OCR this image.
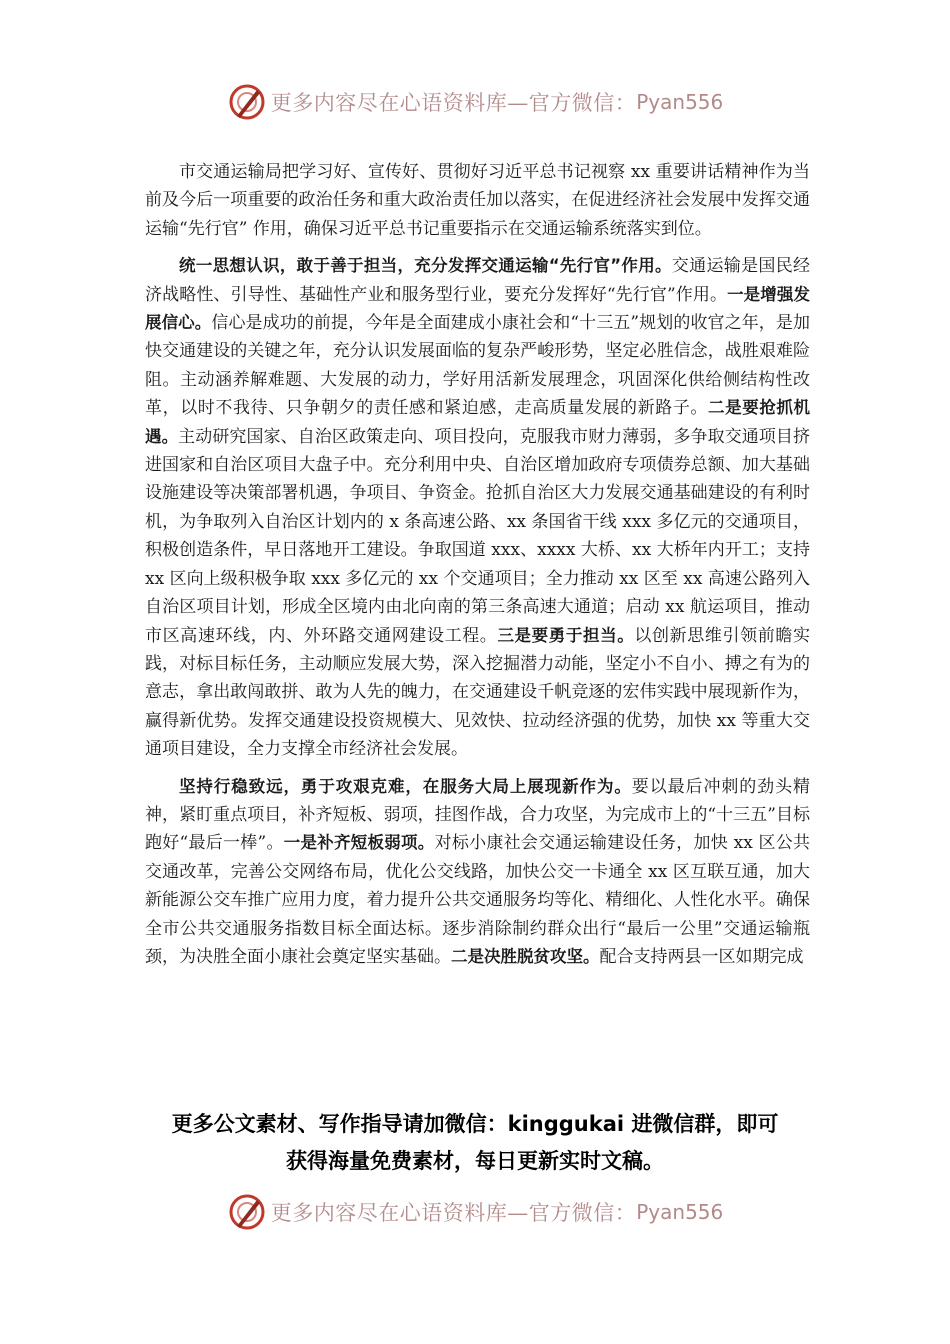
更多内容尽在心语资料库—官方微信： Pyan556

市交通运输局把学习好、宣传好、贯彻好习近平总书记视察 xx 重要讲话精神作为当前及今后一项重要的政治任务和重大政治责任加以落实，在促进经济社会发展中发挥交通运输“先行官” 作用，确保习近平总书记重要指示在交通运输系统落实到位。

统一思想认识，敢于善于担当，充分发挥交通运输“先行官”作用。交通运输是国民经济战略性、引导性、基础性产业和服务型行业，要充分发挥好“先行官”作用。一是增强发展信心。信心是成功的前提，今年是全面建成小康社会和“十三五”规划的收官之年，是加快交通建设的关键之年，充分认识发展面临的复杂严峻形势，坚定必胜信念，战胜艰难险阻。主动涵养解难题、大发展的动力，学好用活新发展理念，巩固深化供给侧结构性改革，以时不我待、只争朝夕的责任感和紧迫感，走高质量发展的新路子。二是要抢抓机遇。主动研究国家、自治区政策走向、项目投向，克服我市财力薄弱，多争取交通项目挤进国家和自治区项目大盘子中。充分利用中央、自治区增加政府专项债券总额、加大基础设施建设等决策部署机遇，争项目、争资金。抢抓自治区大力发展交通基础建设的有利时机，为争取列入自治区计划内的 x 条高速公路、xx 条国省干线 xxx 多亿元的交通项目，积极创造条件，早日落地开工建设。争取国道 xxx、xxxx 大桥、xx 大桥年内开工；支持 xx 区向上级积极争取 xxx 多亿元的 xx 个交通项目；全力推动 xx 区至 xx 高速公路列入自治区项目计划，形成全区境内由北向南的第三条高速大通道；启动 xx 航运项目，推动市区高速环线，内、外环路交通网建设工程。三是要勇于担当。以创新思维引领前瞻实践，对标目标任务，主动顺应发展大势，深入挖掘潜力动能，坚定小不自小、搏之有为的意志，拿出敢闯敢拼、敢为人先的魄力，在交通建设千帆竞逐的宏伟实践中展现新作为，赢得新优势。发挥交通建设投资规模大、见效快、拉动经济强的优势，加快 xx 等重大交通项目建设，全力支撑全市经济社会发展。

坚持行稳致远，勇于攻艰克难，在服务大局上展现新作为。要以最后冲刺的劲头精神，紧盯重点项目，补齐短板、弱项，挂图作战，合力攻坚，为完成市上的“十三五”目标跑好“最后一棒”。一是补齐短板弱项。对标小康社会交通运输建设任务，加快 xx 区公共交通改革，完善公交网络布局，优化公交线路，加快公交一卡通全 xx 区互联互通，加大新能源公交车推广应用力度，着力提升公共交通服务均等化、精细化、人性化水平。确保全市公共交通服务指数目标全面达标。逐步消除制约群众出行“最后一公里”交通运输瓶颈，为决胜全面小康社会奠定坚实基础。二是决胜脱贫攻坚。配合支持两县一区如期完成

更多公文素材、写作指导请加微信：kinggukai 进微信群，即可
获得海量免费素材，每日更新实时文稿。
更多内容尽在心语资料库—官方微信： Pyan556
